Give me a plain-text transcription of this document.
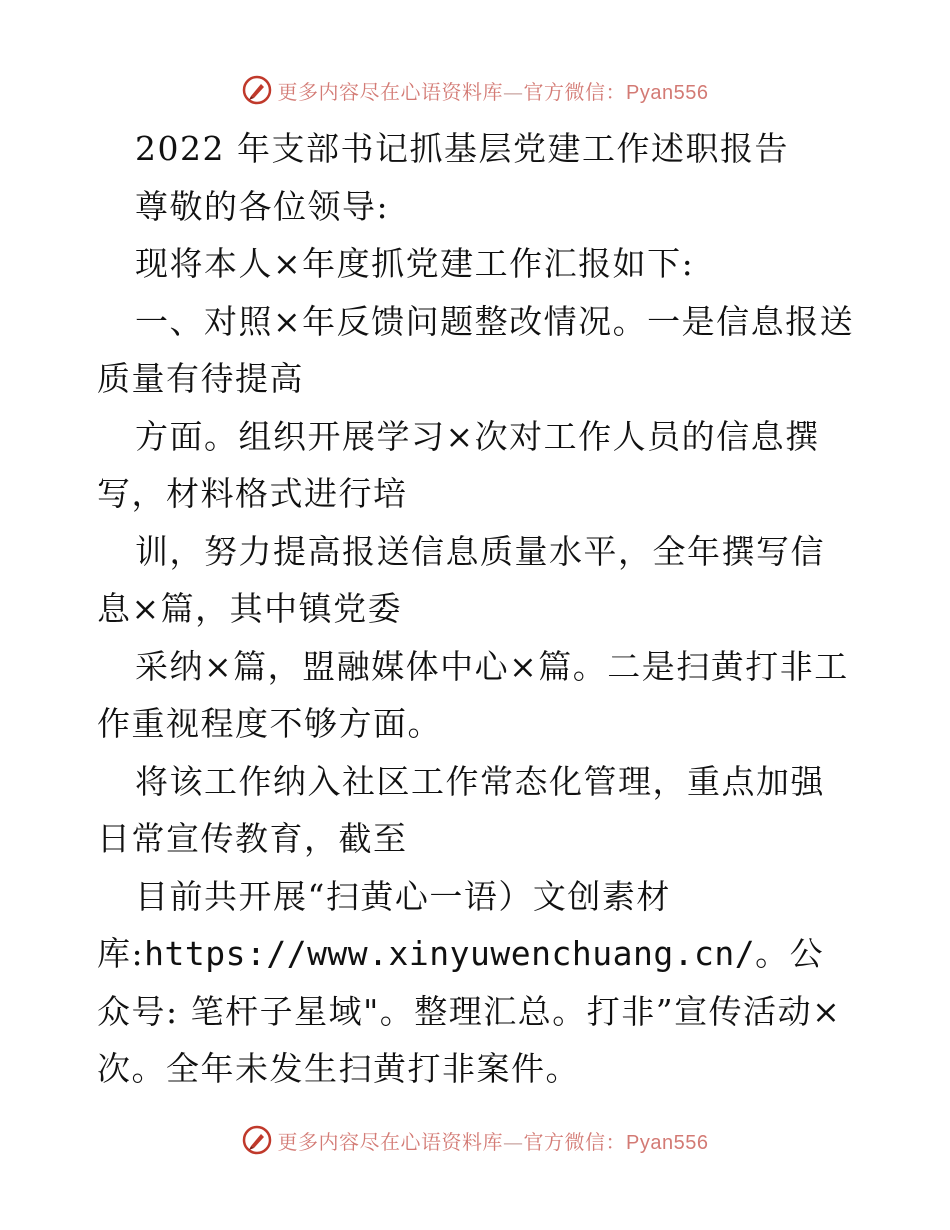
更多内容尽在心语资料库—官方微信：Pyan556

2022 年支部书记抓基层党建工作述职报告

尊敬的各位领导:

现将本人×年度抓党建工作汇报如下:

一、对照×年反馈问题整改情况。一是信息报送质量有待提高

方面。组织开展学习×次对工作人员的信息撰写，材料格式进行培

训，努力提高报送信息质量水平，全年撰写信息×篇，其中镇党委

采纳×篇，盟融媒体中心×篇。二是扫黄打非工作重视程度不够方面。

将该工作纳入社区工作常态化管理，重点加强日常宣传教育，截至

目前共开展“扫黄心一语）文创素材库:https://www.xinyuwenchuang.cn/。公众号: 笔杆子星域"。整理汇总。打非”宣传活动×次。全年未发生扫黄打非案件。

更多内容尽在心语资料库—官方微信：Pyan556
